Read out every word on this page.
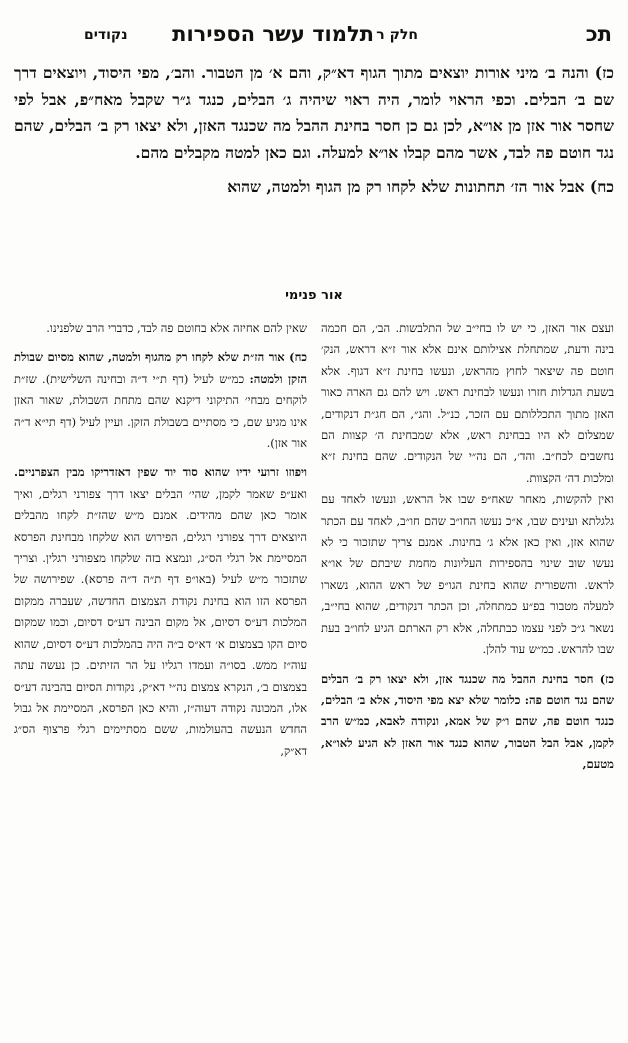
תכ
חלק ר
תלמוד עשר הספירות
נקודים

כז) והנה ב׳ מיני אורות יוצאים מתוך הגוף דא״ק, והם א׳ מן הטבור. והב׳, מפי היסוד, ויוצאים דרך שם ב׳ הבלים. וכפי הראוי לומר, היה ראוי שיהיה ג׳ הבלים, כנגד ג״ר שקבל מאח״פ, אבל לפי שחסר אור אזן מן או״א, לכן גם כן חסר בחינת ההבל מה שכנגד האזן, ולא יצאו רק ב׳ הבלים, שהם נגד חוטם פה לבד, אשר מהם קבלו או״א למעלה. וגם כאן למטה מקבלים מהם.

כח) אבל אור הז׳ תחתונות שלא לקחו רק מן הגוף ולמטה, שהוא

אור פנימי

ועצם אור האזן, כי יש לו בחי״ב של התלבשות. הב׳, הם חכמה בינה ודעת, שמתחלת אצילותם אינם אלא אור ז״א דראש, הנק׳ חוטם פה שיצאר לחוץ מהראש, ונעשו בחינת ז״א דגוף. אלא בשעת הגדלות חזרו ונעשו לבחינת ראש. ויש להם גם הארה כאור האזן מתוך התכללותם עם הזכר, כנ״ל. והג״, הם חג״ת דנקודים, שמצלום לא היו בבחינת ראש, אלא שמבחינת ה׳ קצוות הם נחשבים לכח״ב. והד׳, הם נה״י של הנקודים. שהם בחינת ז״א ומלכות דה׳ הקצוות.

ואין להקשות, מאחר שאח״פ שבו אל הראש, ונעשו לאחד עם גלגלתא ועינים שבו, א״כ נעשו החו״ב שהם חו״ב, לאחד עם הכתר שהוא אזן, ואין כאן אלא ג׳ בחינות. אמנם צריך שתזכור כי לא נעשו שוב שינוי בהספירות העליונות מחמת שיבתם של או״א לראש. והשפורית שהוא בחינת הגו״פ של ראש ההוא, נשארו למעלה מטבור בפ״ע כמתחלה, וכן הכתר דנקודים, שהוא בחי״ב, נשאר ג״כ לפני עצמו כבתחלה, אלא רק הארתם הגיע לחו״ב בעת שבו להראש. כמ״ש עוד להלן.

כז) חסר בחינת ההבל מה שכנגד אזן, ולא יצאו רק ב׳ הבלים שהם נגד חוטם פה: כלומר שלא יצא מפי היסוד, אלא ב׳ הבלים, כנגד חוטם פה, שהם ו״ק של אמא, ונקודה לאבא, כמ״ש הרב לקמן, אבל הבל הטבור, שהוא כנגד אור האזן לא הגיע לאו״א, מטעם,

שאין להם אחיזה אלא בחוטם פה לבד, כדברי הרב שלפנינו.

כח) אור הז״ת שלא לקחו רק מהגוף ולמטה, שהוא מסיום שבולת הזקן ולמטה: כמ״ש לעיל (דף ת״י ד״ה ובחינה השלישית). שז״ת לוקחים מבחי׳ התיקוני דיקנא שהם מתחת השבולת, שאור האזן אינו מגיע שם, כי מסתיים בשבולת הזקן. ועיין לעיל (דף תי״א ד״ה אור אזן).

ויפוזו זרועי ידיו שהוא סוד יוד שפין דאזדריקו מבין הצפרניים. ואע״פ שאמר לקמן, שהי׳ הבלים יצאו דרך צפורני רגלים, ואיך אומר כאן שהם מהידים. אמנם מ״ש שהז״ת לקחו מהבלים היוצאים דרך צפורני רגלים, הפירוש הוא שלקחו מבחינת הפרסא המסיימת אל רגלי הס״ג, ונמצא בזה שלקחו מצפורני רגלין. וצריך שתזכור מ״ש לעיל (באו״פ דף ת״ה ד״ה פרסא). שפירושה של הפרסא הזו הוא בחינת נקודת הצמצום החדשה, שעברה ממקום המלכות דע״ס דסיום, אל מקום הבינה דע״ס דסיום, וכמו שמקום סיום הקו בצמצום א׳ דא״ס ב״ה היה בהמלכות דע״ס דסיום, שהוא עוה״ז ממש. בסו״ה ועמדו רגליו על הר הזיתים. כן נעשה עתה בצמצום ב׳, הנקרא צמצום נה״י דא״ק, נקודות הסיום בהבינה דע״ס אלו, המכונה נקודה דעוה״ז, והיא כאן הפרסא, המסיימת אל גבול החדש הנעשה בהעולמות, ששם מסתיימים רגלי פרצוף הס״ג דא״ק,
